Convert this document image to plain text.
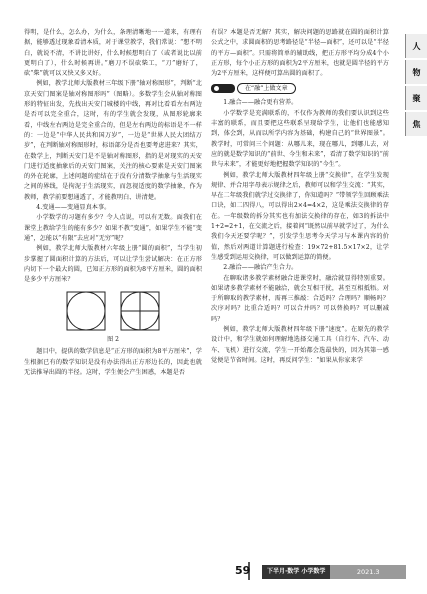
得明，是什么，怎么办，为什么，条理清晰地一一道来，有理有据，能够透过现象看清本质，对于课堂教学，我们常说：“想不明白，就说不清，不讲比讲好，什么时候想明白了（或者说比以前更明白了），什么时候再讲。”磨刀不误砍柴工，“刀”磨好了，砍“柴”就可以又快又多又好。

例如，教学北师大版教材三年级下册“轴对称图形”，判断“北京天安门图案是轴对称图形吗”（图略）。多数学生会从轴对称图形的特征出发，先找出天安门城楼的中线，再对比看看左右两边是否可以完全重合，这时，有的学生就会发现，从图形轮廓来看，中线左右两边是完全重合的，但是左右两边的标语是不一样的：一边是“中华人民共和国万岁”，一边是“世界人民大团结万岁”，在判断轴对称图形时，标语部分是否也要考虑进来？其实，在数学上，判断天安门是不是轴对称图形，指的是对现实的天安门进行适度抽象后的天安门图案，关注的核心要素是天安门图案的外在轮廓，上述问题的症结在于没有分清数学抽象与生活现实之间的界线，是拘泥于生活现实，而忽视适度的数学抽象，作为教师，教学前要想通透了，才能教明白、讲清楚。

4.变通——变通显真本事。

小学数学的习题有多少？令人点说，可以有无数。面我们在课堂上教给学生的能有多少？如果不教“变通”，如果学生不能“变通”，怎能以“有限”去应对“无穷”呢？

例如，教学北师大版教材六年级上册“圆的面积”，当学生初步掌握了圆面积计算的方法后，可以让学生尝试解决：在正方形内切下一个最大的圆，已知正方形的面积为8平方厘米，圆的面积是多少平方厘米？

图 2

题目中，提供的数学信息是“正方形的面积为8平方厘米”，学生根据已有的数学知识是没有办法得出正方形边长的，因此也就无法推导出圆的半径。这时，学生便会产生困惑，本题是否

有误？本题是否无解？其实，解决问题的思路就在圆的面积计算公式之中，求圆面积的思考路径是“半径—面积”，还可以是“半径的平方—面积”。只需将简单的辅助线，把正方形平均分成4个小正方形，每个小正方形的面积为2平方厘米，也就是圆半径的平方为2平方厘米，这样便可算出圆的面积了。

在“融”上做文章

1.融合——融合更有营养。

小学数学是充满联系的，不仅作为教师的我们要认识到这些丰富的联系，而且要把这些联系呈现给学生，让他们也能感知到，体会到，从而以所学内容为基础，构建自己的“世界图景”。教学时，可常问三个问题：从哪儿来，现在哪儿，到哪儿去，对应的就是数学知识的“前世、今生和未来”，看清了数学知识的“前世与未来”，才能更好地把握数学知识的“今生”。

例如，教学北师大版教材四年级上册“交换律”，在学生发现规律、并合用字母表示规律之后，教师可以和学生交流：“其实，早在二年级我们就学过交换律了，你知道吗？”带领学生回顾乘法口诀，如二四得八，可以得出2×4=4×2，这是乘法交换律的存在。一年级数的拆分其实也有加法交换律的存在，如3的拆法中1+2=2+1，在交流之后，接着问“既然以前早就学过了，为什么我们今天还要学呢？”，引发学生思考今天学习与本课内容的价值，然后对两道计算题进行检查：19×72+81.5×17×2，让学生感受到运用交换律，可以做到运算的简便。

2.融洽——融洽产生合力。

在聊取诸多教学素材融合进课堂时，融洽就显得特别重要。如果诸多教学素材不能融洽，就会互相干扰，甚至互相抵牾。对于所聊取的教学素材，需再三推敲：合适吗？合理吗？顺畅吗？次序对吗？比重合适吗？可以合并吗？可以替换吗？可以删减吗？

例如，教学北师大版教材四年级下册“速度”。在原先的教学设计中，和学生就如何理解地选择交通工具（自行车、汽车、动车、飞机）进行交流，学生一开始都会选最快的，因为其第一感觉便是节省时间。这时，再反问学生：“如果从你家来学

人
物
聚
焦
59	下半月·数学 小学数学	2021.3
